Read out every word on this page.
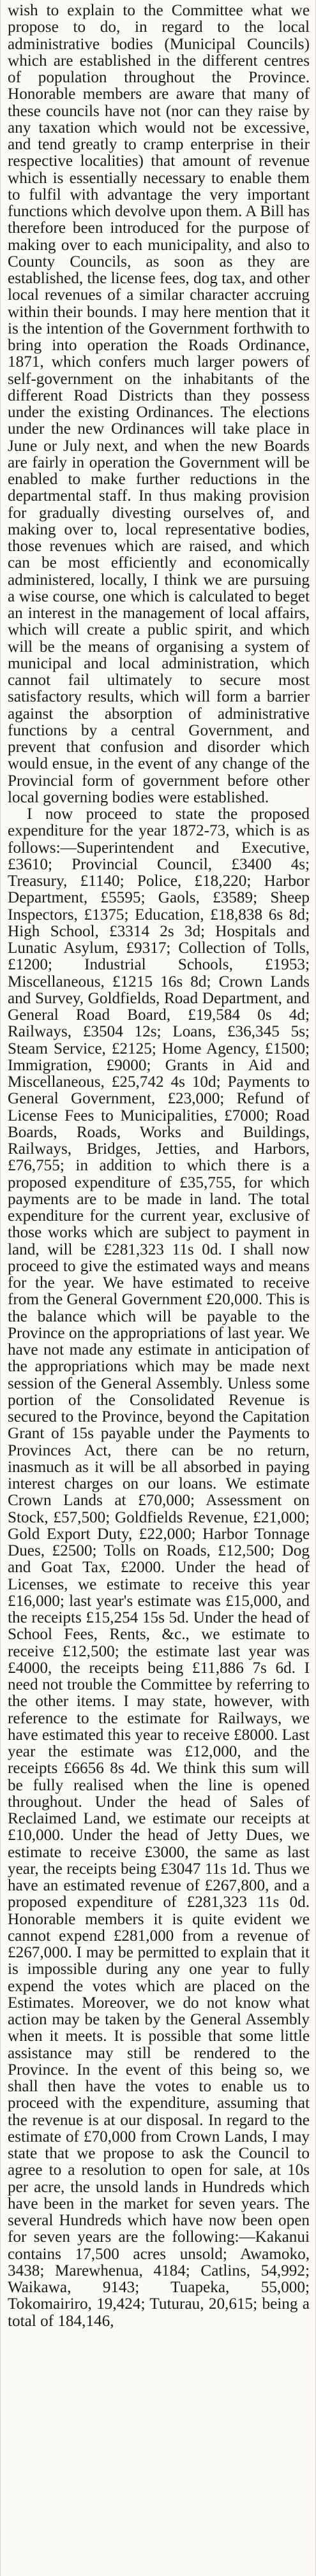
wish to explain to the Committee what we propose to do, in regard to the local administrative bodies (Municipal Councils) which are established in the different centres of population throughout the Province. Honorable members are aware that many of these councils have not (nor can they raise by any taxation which would not be excessive, and tend greatly to cramp enterprise in their respective localities) that amount of revenue which is essentially necessary to enable them to fulfil with advantage the very important functions which devolve upon them. A Bill has therefore been introduced for the purpose of making over to each municipality, and also to County Councils, as soon as they are established, the license fees, dog tax, and other local revenues of a similar character accruing within their bounds. I may here mention that it is the intention of the Government forthwith to bring into operation the Roads Ordinance, 1871, which confers much larger powers of self-government on the inhabitants of the different Road Districts than they possess under the existing Ordinances. The elections under the new Ordinances will take place in June or July next, and when the new Boards are fairly in operation the Government will be enabled to make further reductions in the departmental staff. In thus making provision for gradually divesting ourselves of, and making over to, local representative bodies, those revenues which are raised, and which can be most efficiently and economically administered, locally, I think we are pursuing a wise course, one which is calculated to beget an interest in the management of local affairs, which will create a public spirit, and which will be the means of organising a system of municipal and local administration, which cannot fail ultimately to secure most satisfactory results, which will form a barrier against the absorption of administrative functions by a central Government, and prevent that confusion and disorder which would ensue, in the event of any change of the Provincial form of government before other local governing bodies were established.

I now proceed to state the proposed expenditure for the year 1872-73, which is as follows:—Superintendent and Executive, £3610; Provincial Council, £3400 4s; Treasury, £1140; Police, £18,220; Harbor Department, £5595; Gaols, £3589; Sheep Inspectors, £1375; Education, £18,838 6s 8d; High School, £3314 2s 3d; Hospitals and Lunatic Asylum, £9317; Collection of Tolls, £1200; Industrial Schools, £1953; Miscellaneous, £1215 16s 8d; Crown Lands and Survey, Goldfields, Road Department, and General Road Board, £19,584 0s 4d; Railways, £3504 12s; Loans, £36,345 5s; Steam Service, £2125; Home Agency, £1500; Immigration, £9000; Grants in Aid and Miscellaneous, £25,742 4s 10d; Payments to General Government, £23,000; Refund of License Fees to Municipalities, £7000; Road Boards, Roads, Works and Buildings, Railways, Bridges, Jetties, and Harbors, £76,755; in addition to which there is a proposed expenditure of £35,755, for which payments are to be made in land. The total expenditure for the current year, exclusive of those works which are subject to payment in land, will be £281,323 11s 0d. I shall now proceed to give the estimated ways and means for the year. We have estimated to receive from the General Government £20,000. This is the balance which will be payable to the Province on the appropriations of last year. We have not made any estimate in anticipation of the appropriations which may be made next session of the General Assembly. Unless some portion of the Consolidated Revenue is secured to the Province, beyond the Capitation Grant of 15s payable under the Payments to Provinces Act, there can be no return, inasmuch as it will be all absorbed in paying interest charges on our loans. We estimate Crown Lands at £70,000; Assessment on Stock, £57,500; Goldfields Revenue, £21,000; Gold Export Duty, £22,000; Harbor Tonnage Dues, £2500; Tolls on Roads, £12,500; Dog and Goat Tax, £2000. Under the head of Licenses, we estimate to receive this year £16,000; last year's estimate was £15,000, and the receipts £15,254 15s 5d. Under the head of School Fees, Rents, &c., we estimate to receive £12,500; the estimate last year was £4000, the receipts being £11,886 7s 6d. I need not trouble the Committee by referring to the other items. I may state, however, with reference to the estimate for Railways, we have estimated this year to receive £8000. Last year the estimate was £12,000, and the receipts £6656 8s 4d. We think this sum will be fully realised when the line is opened throughout. Under the head of Sales of Reclaimed Land, we estimate our receipts at £10,000. Under the head of Jetty Dues, we estimate to receive £3000, the same as last year, the receipts being £3047 11s 1d. Thus we have an estimated revenue of £267,800, and a proposed expenditure of £281,323 11s 0d. Honorable members it is quite evident we cannot expend £281,000 from a revenue of £267,000. I may be permitted to explain that it is impossible during any one year to fully expend the votes which are placed on the Estimates. Moreover, we do not know what action may be taken by the General Assembly when it meets. It is possible that some little assistance may still be rendered to the Province. In the event of this being so, we shall then have the votes to enable us to proceed with the expenditure, assuming that the revenue is at our disposal. In regard to the estimate of £70,000 from Crown Lands, I may state that we propose to ask the Council to agree to a resolution to open for sale, at 10s per acre, the unsold lands in Hundreds which have been in the market for seven years. The several Hundreds which have now been open for seven years are the following:—Kakanui contains 17,500 acres unsold; Awamoko, 3438; Marewhenua, 4184; Catlins, 54,992; Waikawa, 9143; Tuapeka, 55,000; Tokomairiro, 19,424; Tuturau, 20,615; being a total of 184,146,
